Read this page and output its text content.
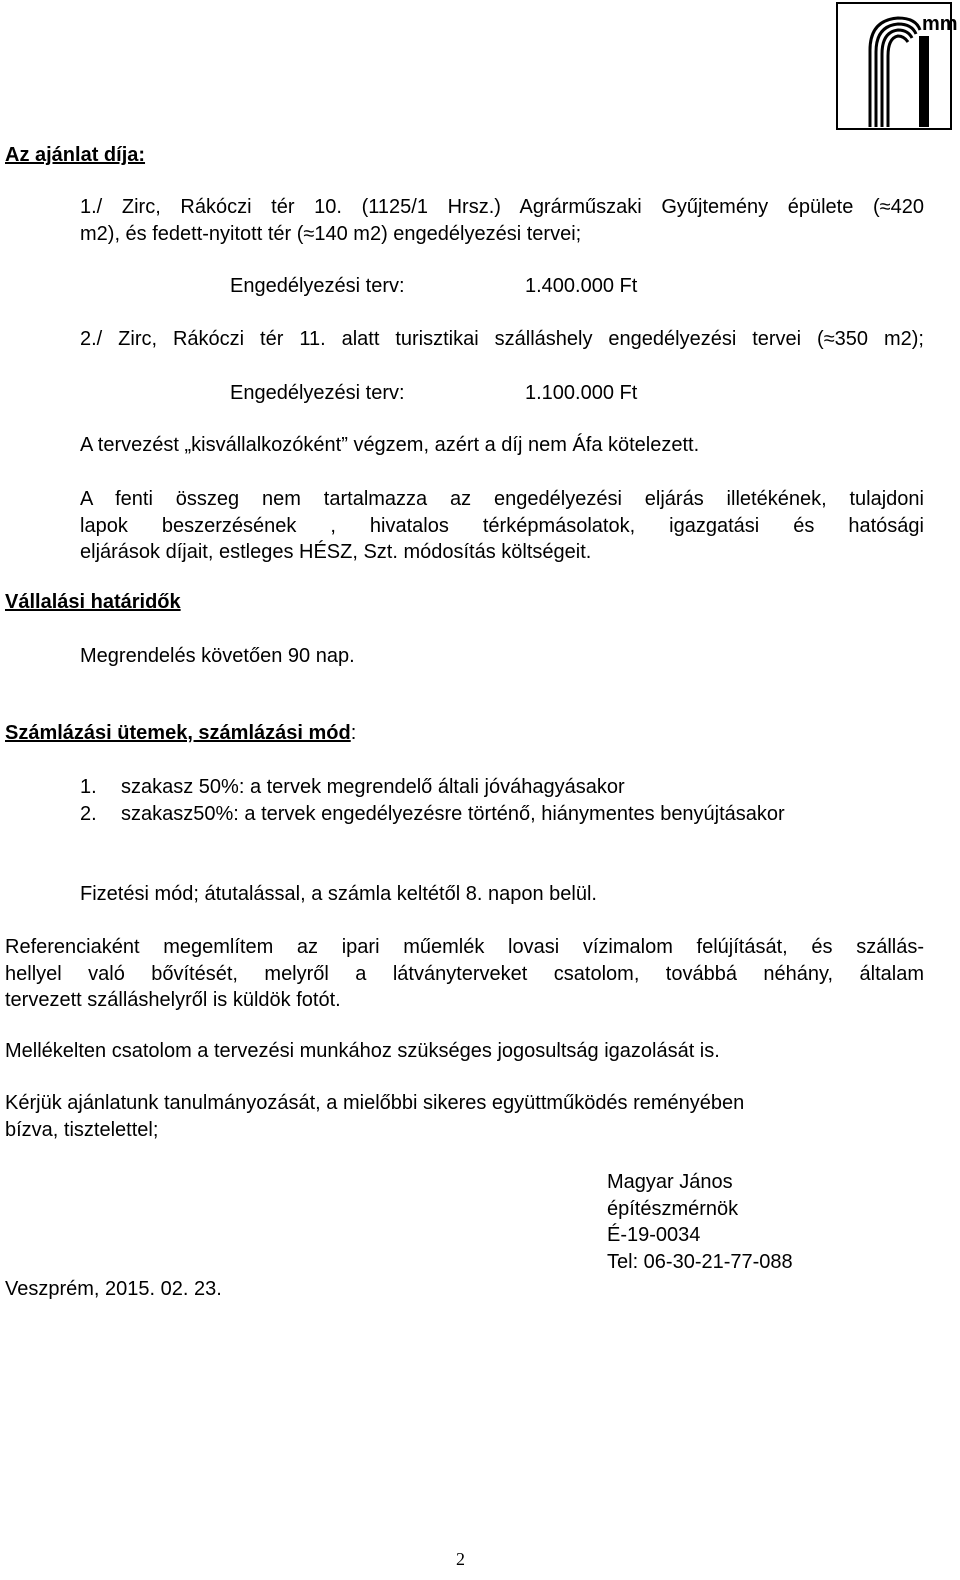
mm
Az ajánlat díja:
1./ Zirc, Rákóczi tér 10. (1125/1 Hrsz.) Agrárműszaki Gyűjtemény épülete (≈420
m2), és fedett-nyitott tér (≈140 m2) engedélyezési tervei;
Engedélyezési terv:	1.400.000 Ft
2./ Zirc, Rákóczi tér 11. alatt turisztikai szálláshely engedélyezési tervei (≈350 m2);
Engedélyezési terv:	1.100.000 Ft
A tervezést „kisvállalkozóként” végzem, azért a díj nem Áfa kötelezett.
A fenti összeg nem tartalmazza az engedélyezési eljárás illetékének, tulajdoni
lapok beszerzésének , hivatalos térképmásolatok, igazgatási és hatósági
eljárások díjait, estleges HÉSZ, Szt. módosítás költségeit.
Vállalási határidők
Megrendelés követően 90 nap.
Számlázási ütemek, számlázási mód:
1. szakasz 50%: a tervek megrendelő általi jóváhagyásakor
2. szakasz50%: a tervek engedélyezésre történő, hiánymentes benyújtásakor
Fizetési mód; átutalással, a számla keltétől 8. napon belül.
Referenciaként megemlítem az ipari műemlék lovasi vízimalom felújítását, és szállás-
hellyel való bővítését, melyről a látványterveket csatolom, továbbá néhány, általam
tervezett szálláshelyről is küldök fotót.
Mellékelten csatolom a tervezési munkához szükséges jogosultság igazolását is.
Kérjük ajánlatunk tanulmányozását, a mielőbbi sikeres együttműködés reményében
bízva, tisztelettel;
Magyar János
építészmérnök
É-19-0034
Tel: 06-30-21-77-088
Veszprém, 2015. 02. 23.
2
